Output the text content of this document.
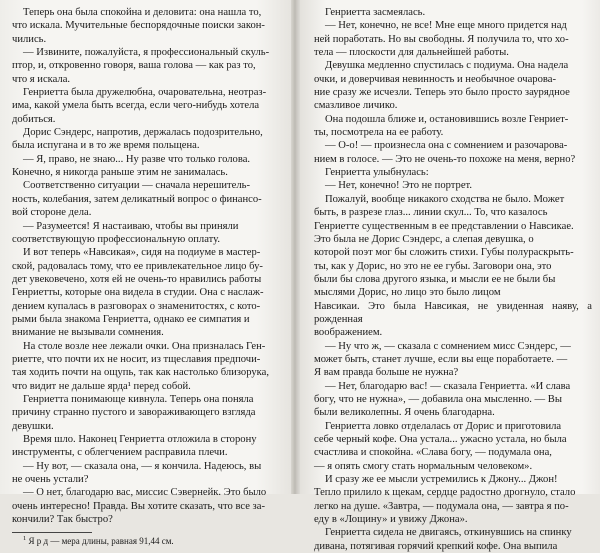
Теперь она была спокойна и деловита: она нашла то,
что искала. Мучительные беспорядочные поиски закон-
чились.

— Извините, пожалуйста, я профессиональный скуль-
птор, и, откровенно говоря, ваша голова — как раз то,
что я искала.

Генриетта была дружелюбна, очаровательна, неотраз-
има, какой умела быть всегда, если чего-нибудь хотела
добиться.

Дорис Сэндерс, напротив, держалась подозрительно,
была испугана и в то же время польщена.

— Я, право, не знаю... Ну разве что только голова.
Конечно, я никогда раньше этим не занималась.

Соответственно ситуации — сначала нерешитель-
ность, колебания, затем деликатный вопрос о финансо-
вой стороне дела.

— Разумеется! Я настаиваю, чтобы вы приняли
соответствующую профессиональную оплату.

И вот теперь «Навсикая», сидя на подиуме в мастер-
ской, радовалась тому, что ее привлекательное лицо бу-
дет увековечено, хотя ей не очень-то нравились работы
Генриетты, которые она видела в студии. Она с наслаж-
дением купалась в разговорах о знаменитостях, с кото-
рыми была знакома Генриетта, однако ее симпатия и
внимание не вызывали сомнения.

На столе возле нее лежали очки. Она призналась Ген-
риетте, что почти их не носит, из тщеславия предпочи-
тая ходить почти на ощупь, так как настолько близорука,
что видит не дальше ярда¹ перед собой.

Генриетта понимающе кивнула. Теперь она поняла
причину странно пустого и завораживающего взгляда
девушки.

Время шло. Наконец Генриетта отложила в сторону
инструменты, с облегчением расправила плечи.

— Ну вот, — сказала она, — я кончила. Надеюсь, вы
не очень устали?

— О нет, благодарю вас, миссис Сэвернейк. Это было
очень интересно! Правда. Вы хотите сказать, что все за-
кончили? Так быстро?

$^1$ Я р д — мера длины, равная 91,44 см.

Генриетта засмеялась.

— Нет, конечно, не все! Мне еще много придется над
ней поработать. Но вы свободны. Я получила то, что хо-
тела — плоскости для дальнейшей работы.

Девушка медленно спустилась с подиума. Она надела
очки, и доверчивая невинность и необычное очарова-
ние сразу же исчезли. Теперь это было просто заурядное
смазливое личико.

Она подошла ближе и, остановившись возле Генриет-
ты, посмотрела на ее работу.

— О-о! — произнесла она с сомнением и разочарова-
нием в голосе. — Это не очень-то похоже на меня, верно?

Генриетта улыбнулась:

— Нет, конечно! Это не портрет.

Пожалуй, вообще никакого сходства не было. Может
быть, в разрезе глаз... линии скул... То, что казалось
Генриетте существенным в ее представлении о Навсикае.
Это была не Дорис Сэндерс, а слепая девушка, о
которой поэт мог бы сложить стихи. Губы полураскрыть-
ты, как у Дорис, но это не ее губы. Заговори она, это
были бы слова другого языка, и мысли ее не были бы
мыслями Дорис, но лицо это было лицом
Навсикаи. Это была Навсикая, не увиденная наяву, а рожденная
воображением.

— Ну что ж, — сказала с сомнением мисс Сэндерс, —
может быть, станет лучше, если вы еще поработаете. —
Я вам правда больше не нужна?

— Нет, благодарю вас! — сказала Генриетта. «И слава
богу, что не нужна», — добавила она мысленно. — Вы
были великолепны. Я очень благодарна.

Генриетта ловко отделалась от Дорис и приготовила
себе черный кофе. Она устала... ужасно устала, но была
счастлива и спокойна. «Слава богу, — подумала она,
— я опять смогу стать нормальным человеком».

И сразу же ее мысли устремились к Джону... Джон!
Тепло прилило к щекам, сердце радостно дрогнуло, стало
легко на душе. «Завтра, — подумала она, — завтра я по-
еду в «Лощину» и увижу Джона».

Генриетта сидела не двигаясь, откинувшись на спинку
дивана, потягивая горячий крепкий кофе. Она выпила
